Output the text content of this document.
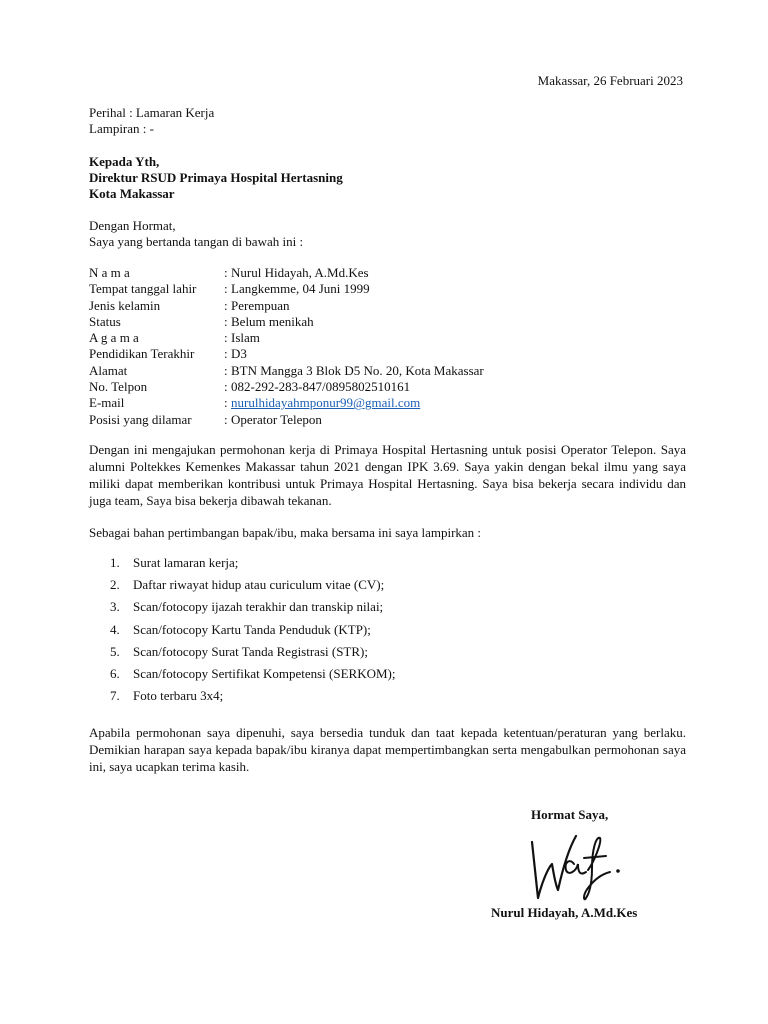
Makassar, 26 Februari 2023
Perihal : Lamaran Kerja
Lampiran : -
Kepada Yth,
Direktur RSUD Primaya Hospital Hertasning
Kota Makassar
Dengan Hormat,
Saya yang bertanda tangan di bawah ini :
N a m a	:	Nurul Hidayah, A.Md.Kes
Tempat tanggal lahir	:	Langkemme, 04 Juni 1999
Jenis kelamin	:	Perempuan
Status	:	Belum menikah
A g a m a	:	Islam
Pendidikan Terakhir	:	D3
Alamat	:	BTN Mangga 3 Blok D5 No. 20, Kota Makassar
No. Telpon	:	082-292-283-847/0895802510161
E-mail	:	nurulhidayahmponur99@gmail.com
Posisi yang dilamar	:	Operator Telepon
Dengan ini mengajukan permohonan kerja di Primaya Hospital Hertasning untuk posisi Operator Telepon. Saya alumni Poltekkes Kemenkes Makassar tahun 2021 dengan IPK 3.69. Saya yakin dengan bekal ilmu yang saya miliki dapat memberikan kontribusi untuk Primaya Hospital Hertasning. Saya bisa bekerja secara individu dan juga team, Saya bisa bekerja dibawah tekanan.
Sebagai bahan pertimbangan bapak/ibu, maka bersama ini saya lampirkan :
1.	Surat lamaran kerja;
2.	Daftar riwayat hidup atau curiculum vitae (CV);
3.	Scan/fotocopy ijazah terakhir dan transkip nilai;
4.	Scan/fotocopy Kartu Tanda Penduduk (KTP);
5.	Scan/fotocopy Surat Tanda Registrasi (STR);
6.	Scan/fotocopy Sertifikat Kompetensi (SERKOM);
7.	Foto terbaru 3x4;
Apabila permohonan saya dipenuhi, saya bersedia tunduk dan taat kepada ketentuan/peraturan yang berlaku. Demikian harapan saya kepada bapak/ibu kiranya dapat mempertimbangkan serta mengabulkan permohonan saya ini, saya ucapkan terima kasih.
Hormat Saya,
Nurul Hidayah, A.Md.Kes
